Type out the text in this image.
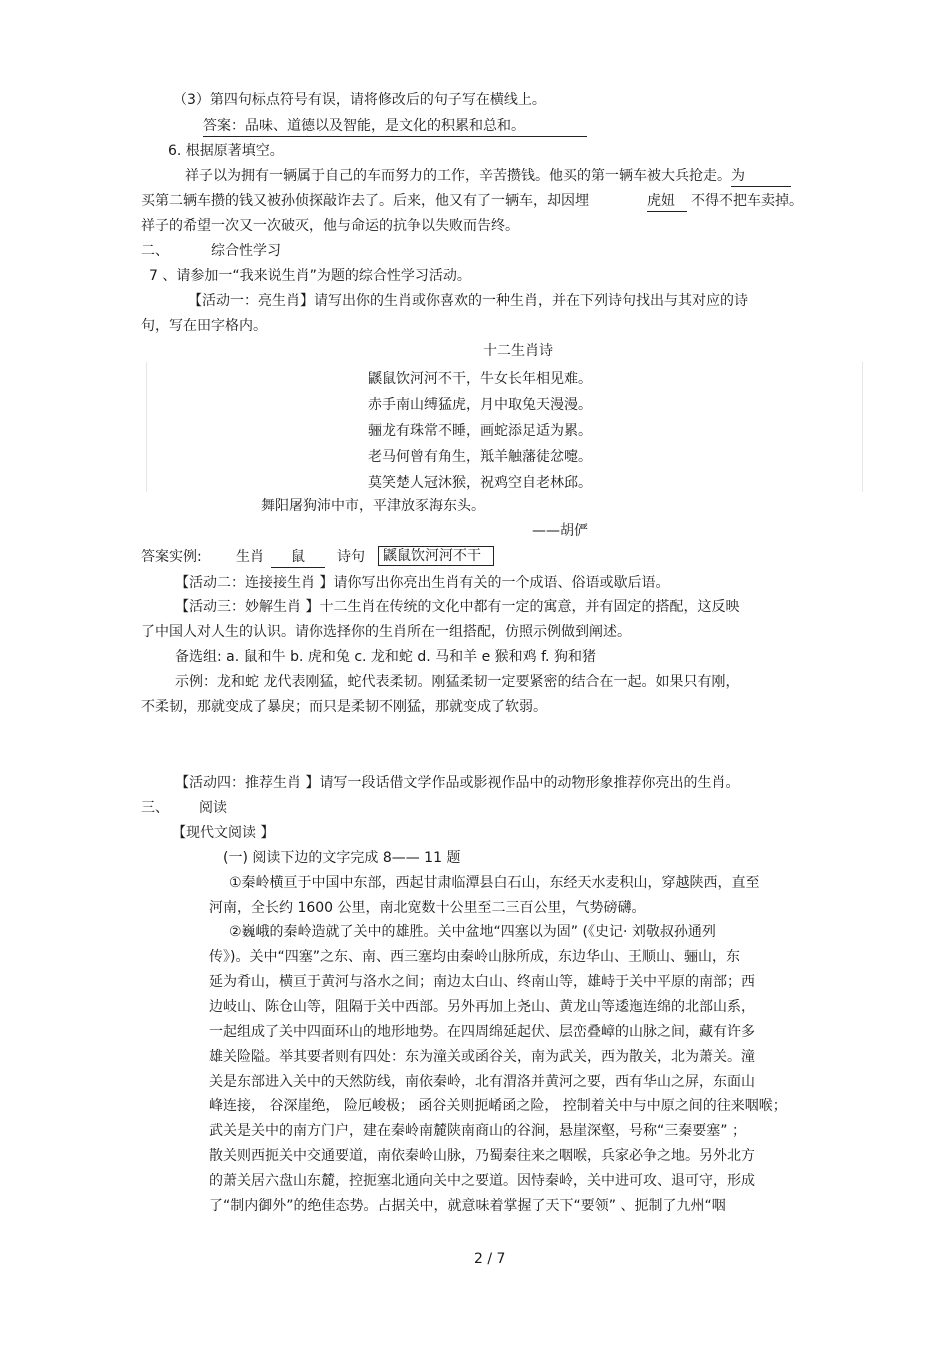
（3）第四句标点符号有误，请将修改后的句子写在横线上。
答案：品味、道德以及智能，是文化的积累和总和。
6. 根据原著填空。
祥子以为拥有一辆属于自己的车而努力的工作，辛苦攒钱。他买的第一辆车被大兵抢走。为
买第二辆车攒的钱又被孙侦探敲诈去了。后来，他又有了一辆车，却因埋	虎妞 不得不把车卖掉。
祥子的希望一次又一次破灭，他与命运的抗争以失败而告终。
二、	综合性学习
7 、请参加一“我来说生肖”为题的综合性学习活动。
【活动一：亮生肖】请写出你的生肖或你喜欢的一种生肖，并在下列诗句找出与其对应的诗
句，写在田字格内。
十二生肖诗
鼷鼠饮河河不干，牛女长年相见难。
赤手南山缚猛虎，月中取兔天漫漫。
骊龙有珠常不睡，画蛇添足适为累。
老马何曾有角生，羝羊触藩徒忿嚏。
莫笑楚人冠沐猴，祝鸡空自老林邱。
舞阳屠狗沛中市，平津放豕海东头。
——胡俨
答案实例: 生肖	鼠	诗句	鼷鼠饮河河不干
【活动二：连接接生肖 】请你写出你亮出生肖有关的一个成语、俗语或歇后语。
【活动三：妙解生肖 】十二生肖在传统的文化中都有一定的寓意，并有固定的搭配，这反映
了中国人对人生的认识。请你选择你的生肖所在一组搭配，仿照示例做到阐述。
备选组: a. 鼠和牛 b. 虎和兔 c. 龙和蛇 d. 马和羊 e 猴和鸡 f. 狗和猪
示例：龙和蛇 龙代表刚猛，蛇代表柔韧。刚猛柔韧一定要紧密的结合在一起。如果只有刚，
不柔韧，那就变成了暴戾；而只是柔韧不刚猛，那就变成了软弱。
【活动四：推荐生肖 】请写一段话借文学作品或影视作品中的动物形象推荐你亮出的生肖。
三、 阅读
【现代文阅读 】
(一) 阅读下边的文字完成 8—— 11 题
①秦岭横亘于中国中东部，西起甘肃临潭县白石山，东经天水麦积山，穿越陕西，直至
河南，全长约 1600 公里，南北宽数十公里至二三百公里，气势磅礴。
②巍峨的秦岭造就了关中的雄胜。关中盆地“四塞以为固” (《史记· 刘敬叔孙通列
传》)。关中“四塞”之东、南、西三塞均由秦岭山脉所成，东边华山、王顺山、骊山，东
延为肴山，横亘于黄河与洛水之间；南边太白山、终南山等，雄峙于关中平原的南部；西
边岐山、陈仓山等，阻隔于关中西部。另外再加上尧山、黄龙山等逶迤连绵的北部山系，
一起组成了关中四面环山的地形地势。在四周绵延起伏、层峦叠嶂的山脉之间，藏有许多
雄关险隘。举其要者则有四处：东为潼关或函谷关，南为武关，西为散关，北为萧关。潼
关是东部进入关中的天然防线，南依秦岭，北有渭洛并黄河之要，西有华山之屏，东面山
峰连接， 谷深崖绝， 险厄峻极； 函谷关则扼崤函之险， 控制着关中与中原之间的往来咽喉；
武关是关中的南方门户，建在秦岭南麓陕南商山的谷涧，悬崖深壑，号称“三秦要塞” ；
散关则西扼关中交通要道，南依秦岭山脉，乃蜀秦往来之咽喉，兵家必争之地。另外北方
的萧关居六盘山东麓，控扼塞北通向关中之要道。因恃秦岭，关中进可攻、退可守，形成
了“制内御外”的绝佳态势。占据关中，就意味着掌握了天下“要领” 、扼制了九州“咽
2 / 7
